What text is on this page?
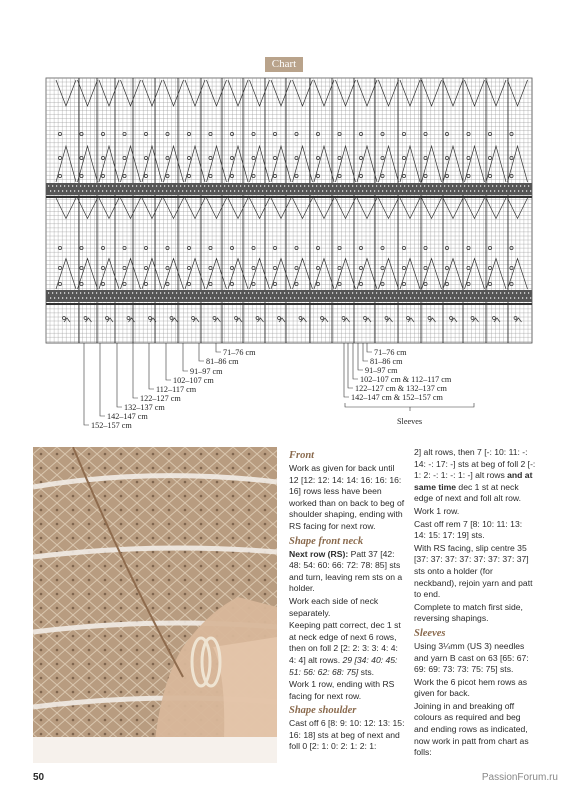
71–76 cm
81–86 cm
91–97 cm
102–107 cm
112–117 cm
122–127 cm
132–137 cm
142–147 cm
152–157 cm
71–76 cm
81–86 cm
91–97 cm
102–107 cm & 112–117 cm
122–127 cm & 132–137 cm
142–147 cm & 152–157 cm
Sleeves
Chart
Front

Work as given for back until 12 [12: 12: 14: 14: 16: 16: 16: 16] rows less have been worked than on back to beg of shoulder shaping, ending with RS facing for next row.

Shape front neck

Next row (RS): Patt 37 [42: 48: 54: 60: 66: 72: 78: 85] sts and turn, leaving rem sts on a holder.

Work each side of neck separately.

Keeping patt correct, dec 1 st at neck edge of next 6 rows, then on foll 2 [2: 2: 3: 3: 4: 4: 4: 4] alt rows. 29 [34: 40: 45: 51: 56: 62: 68: 75] sts.

Work 1 row, ending with RS facing for next row.

Shape shoulder

Cast off 6 [8: 9: 10: 12: 13: 15: 16: 18] sts at beg of next and foll 0 [2: 1: 0: 2: 1: 2: 1:

2] alt rows, then 7 [-: 10: 11: -: 14: -: 17: -] sts at beg of foll 2 [-: 1: 2: -: 1: -: 1: -] alt rows and at same time dec 1 st at neck edge of next and foll alt row.

Work 1 row.

Cast off rem 7 [8: 10: 11: 13: 14: 15: 17: 19] sts.

With RS facing, slip centre 35 [37: 37: 37: 37: 37: 37: 37: 37] sts onto a holder (for neckband), rejoin yarn and patt to end.

Complete to match first side, reversing shapings.

Sleeves

Using 3¼mm (US 3) needles and yarn B cast on 63 [65: 67: 69: 69: 73: 73: 75: 75] sts.

Work the 6 picot hem rows as given for back.

Joining in and breaking off colours as required and beg and ending rows as indicated, now work in patt from chart as folls:

50	PassionForum.ru
